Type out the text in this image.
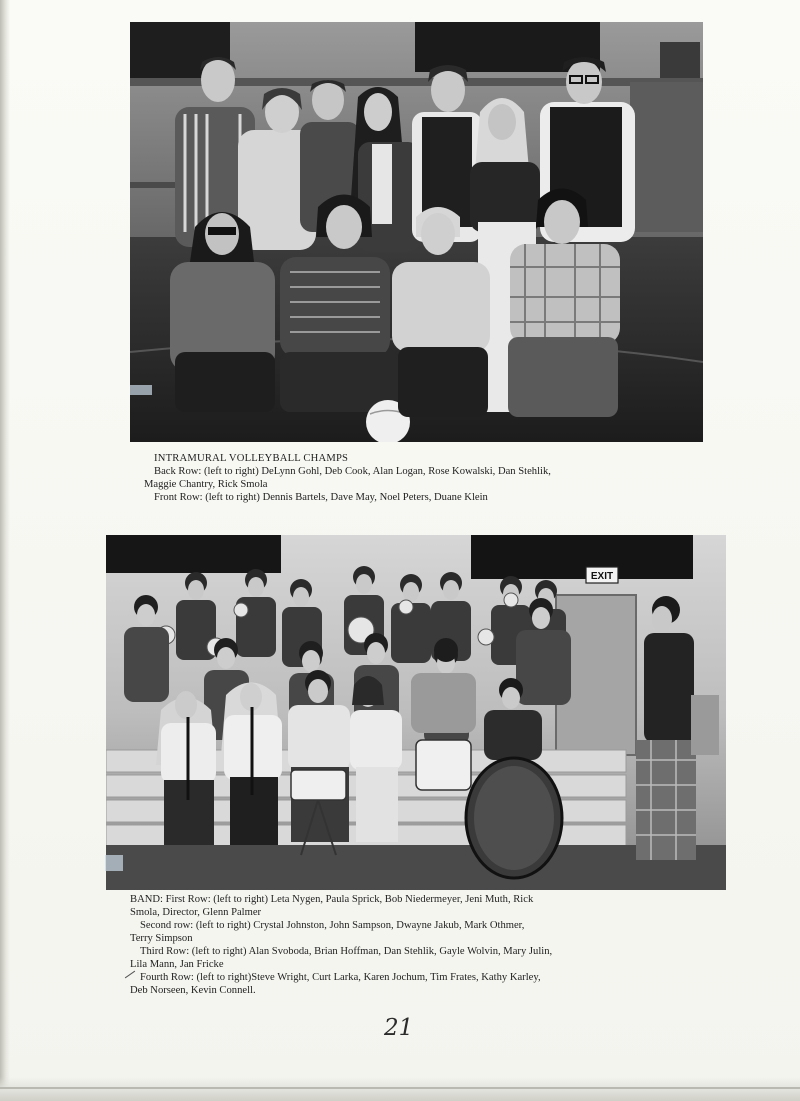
INTRAMURAL VOLLEYBALL CHAMPS
Back Row: (left to right) DeLynn Gohl, Deb Cook, Alan Logan, Rose Kowalski, Dan Stehlik,
Maggie Chantry, Rick Smola
Front Row: (left to right) Dennis Bartels, Dave May, Noel Peters, Duane Klein
EXIT
BAND: First Row: (left to right) Leta Nygen, Paula Sprick, Bob Niedermeyer, Jeni Muth, Rick
Smola, Director, Glenn Palmer
Second row: (left to right) Crystal Johnston, John Sampson, Dwayne Jakub, Mark Othmer,
Terry Simpson
Third Row: (left to right) Alan Svoboda, Brian Hoffman, Dan Stehlik, Gayle Wolvin, Mary Julin,
Lila Mann, Jan Fricke
Fourth Row: (left to right)Steve Wright, Curt Larka, Karen Jochum, Tim Frates, Kathy Karley,
Deb Norseen, Kevin Connell.
21
